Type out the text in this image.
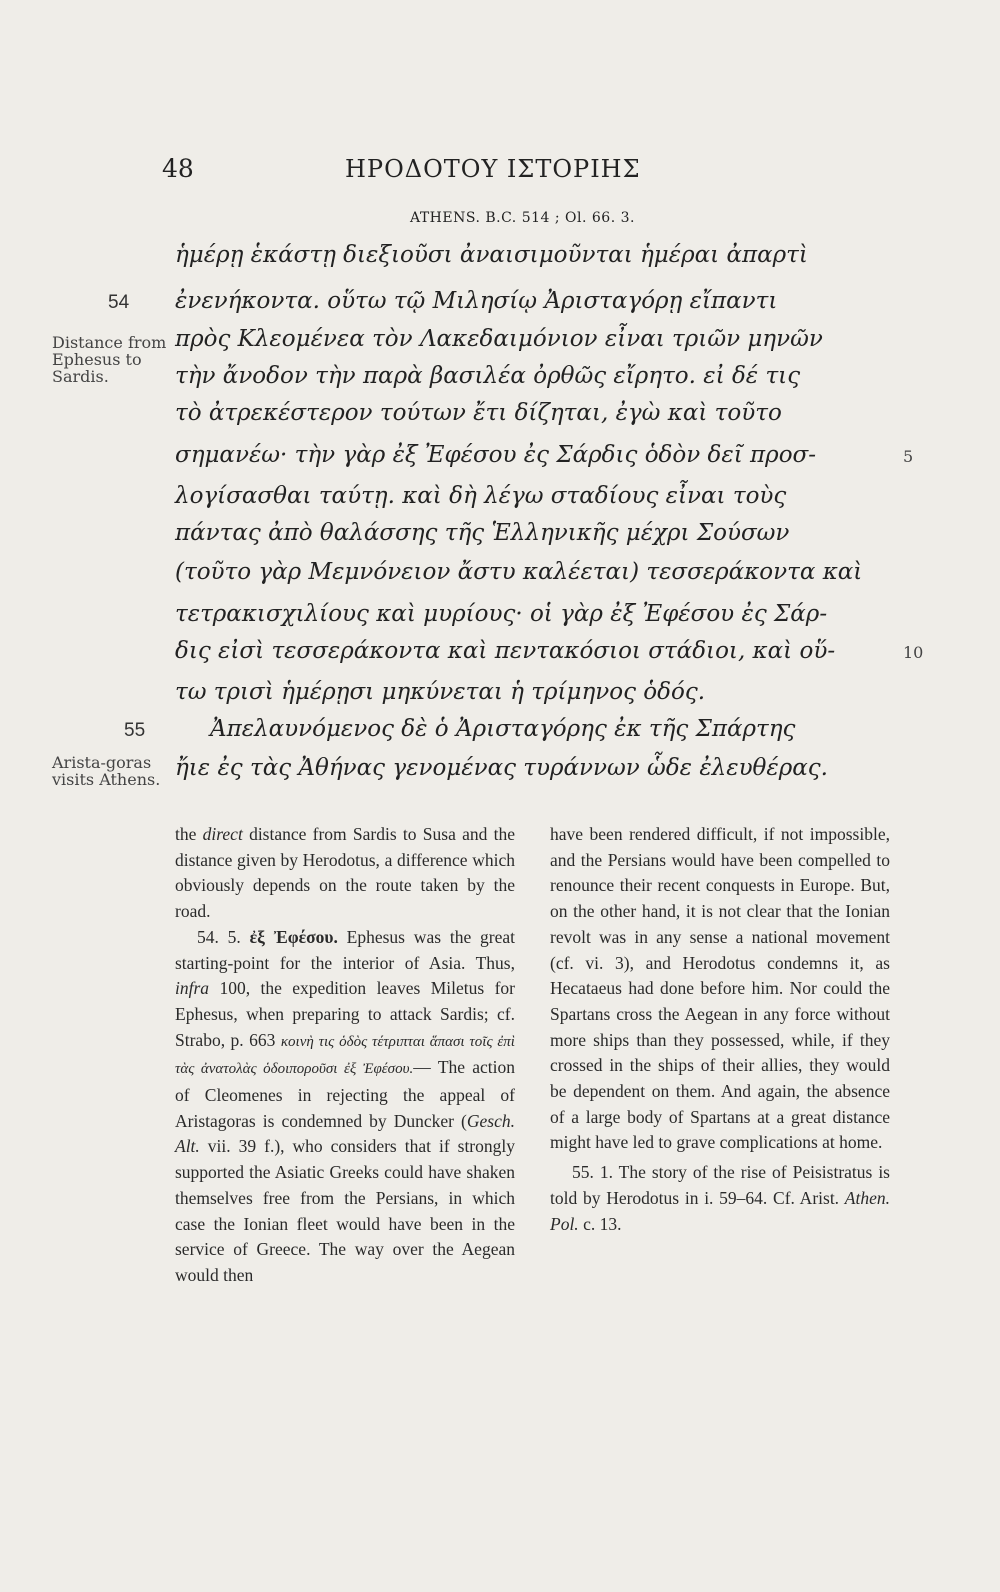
48	ΗΡΟΔΟΤΟΥ ΙΣΤΟΡΙΗΣ
ATHENS. B.C. 514 ; Ol. 66. 3.
ἡμέρῃ ἑκάστῃ διεξιοῦσι ἀναισιμοῦνται ἡμέραι ἀπαρτὶ
ἐνενήκοντα. οὕτω τῷ Μιλησίῳ Ἀρισταγόρῃ εἴπαντι
πρὸς Κλεομένεα τὸν Λακεδαιμόνιον εἶναι τριῶν μηνῶν
τὴν ἄνοδον τὴν παρὰ βασιλέα ὀρθῶς εἴρητο. εἰ δέ τις
τὸ ἀτρεκέστερον τούτων ἔτι δίζηται, ἐγὼ καὶ τοῦτο
σημανέω· τὴν γὰρ ἐξ Ἐφέσου ἐς Σάρδις ὁδὸν δεῖ προσ-
λογίσασθαι ταύτῃ. καὶ δὴ λέγω σταδίους εἶναι τοὺς
πάντας ἀπὸ θαλάσσης τῆς Ἑλληνικῆς μέχρι Σούσων
(τοῦτο γὰρ Μεμνόνειον ἄστυ καλέεται) τεσσεράκοντα καὶ
τετρακισχιλίους καὶ μυρίους· οἱ γὰρ ἐξ Ἐφέσου ἐς Σάρ-
δις εἰσὶ τεσσεράκοντα καὶ πεντακόσιοι στάδιοι, καὶ οὕ-
τω τρισὶ ἡμέρῃσι μηκύνεται ἡ τρίμηνος ὁδός.
Ἀπελαυνόμενος δὲ ὁ Ἀρισταγόρης ἐκ τῆς Σπάρτης
ἤιε ἐς τὰς Ἀθήνας γενομένας τυράννων ὧδε ἐλευθέρας.
54
55
5
10
Distance from Ephesus to Sardis.
Arista-goras visits Athens.

the direct distance from Sardis to Susa and the distance given by Herodotus, a difference which obviously depends on the route taken by the road.

54. 5. ἐξ Ἐφέσου. Ephesus was the great starting-point for the interior of Asia. Thus, infra 100, the expedition leaves Miletus for Ephesus, when preparing to attack Sardis; cf. Strabo, p. 663 κοινὴ τις ὁδὸς τέτριπται ἅπασι τοῖς ἐπὶ τὰς ἀνατολὰς ὁδοιποροῦσι ἐξ Ἐφέσου.— The action of Cleomenes in rejecting the appeal of Aristagoras is condemned by Duncker (Gesch. Alt. vii. 39 f.), who considers that if strongly supported the Asiatic Greeks could have shaken themselves free from the Persians, in which case the Ionian fleet would have been in the service of Greece. The way over the Aegean would then

have been rendered difficult, if not impossible, and the Persians would have been compelled to renounce their recent conquests in Europe. But, on the other hand, it is not clear that the Ionian revolt was in any sense a national movement (cf. vi. 3), and Herodotus condemns it, as Hecataeus had done before him. Nor could the Spartans cross the Aegean in any force without more ships than they possessed, while, if they crossed in the ships of their allies, they would be dependent on them. And again, the absence of a large body of Spartans at a great distance might have led to grave complications at home.

55. 1. The story of the rise of Peisistratus is told by Herodotus in i. 59–64. Cf. Arist. Athen. Pol. c. 13.
